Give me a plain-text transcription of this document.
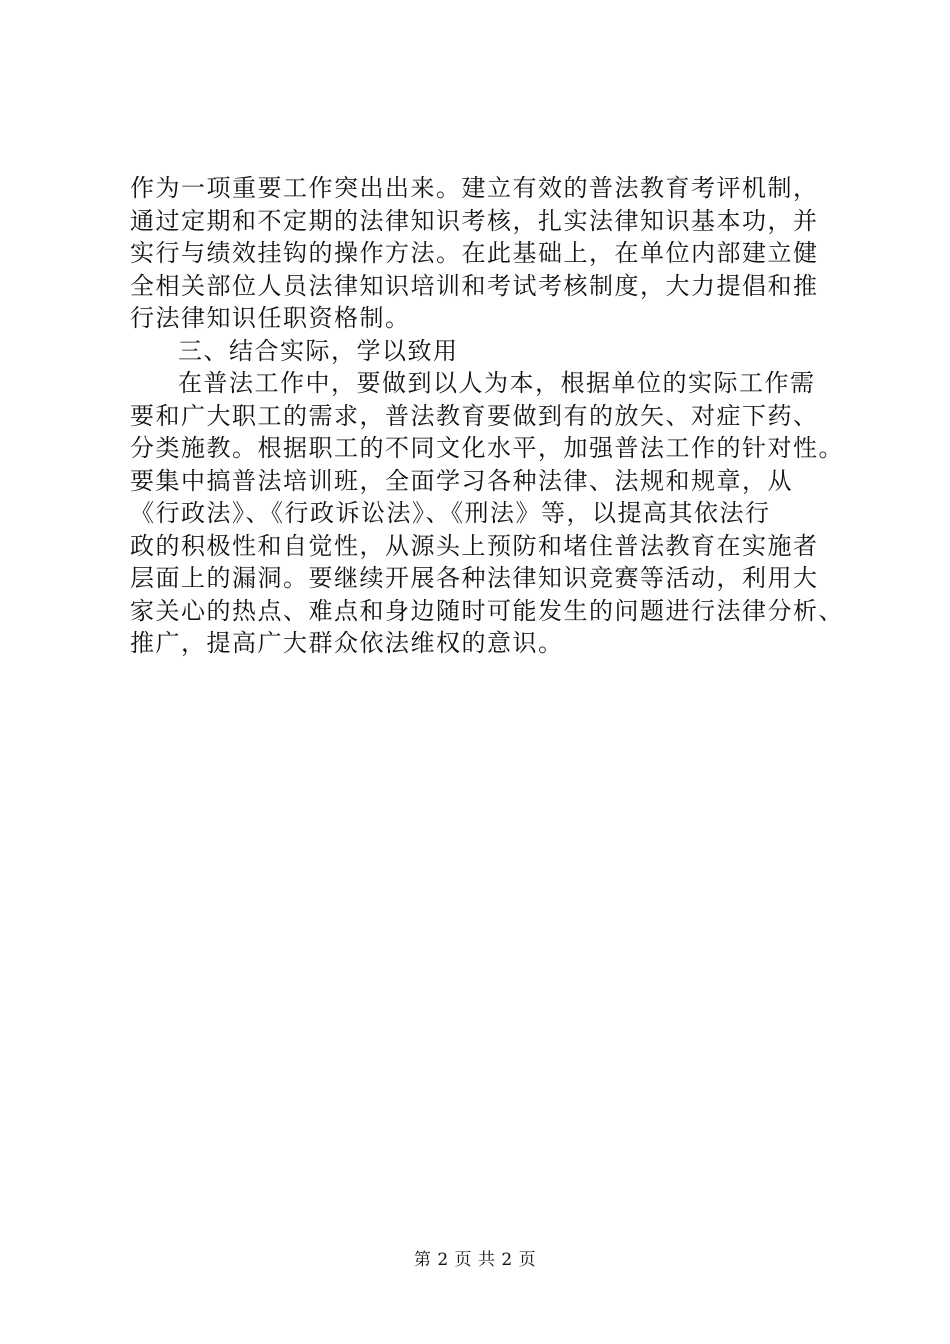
作为一项重要工作突出出来。建立有效的普法教育考评机制，
通过定期和不定期的法律知识考核，扎实法律知识基本功，并
实行与绩效挂钩的操作方法。在此基础上，在单位内部建立健
全相关部位人员法律知识培训和考试考核制度，大力提倡和推
行法律知识任职资格制。
三、结合实际，学以致用
在普法工作中，要做到以人为本，根据单位的实际工作需
要和广大职工的需求，普法教育要做到有的放矢、对症下药、
分类施教。根据职工的不同文化水平，加强普法工作的针对性。
要集中搞普法培训班，全面学习各种法律、法规和规章，从
《行政法》、《行政诉讼法》、《刑法》等，以提高其依法行
政的积极性和自觉性，从源头上预防和堵住普法教育在实施者
层面上的漏洞。要继续开展各种法律知识竞赛等活动，利用大
家关心的热点、难点和身边随时可能发生的问题进行法律分析、
推广，提高广大群众依法维权的意识。
第 2 页 共 2 页
